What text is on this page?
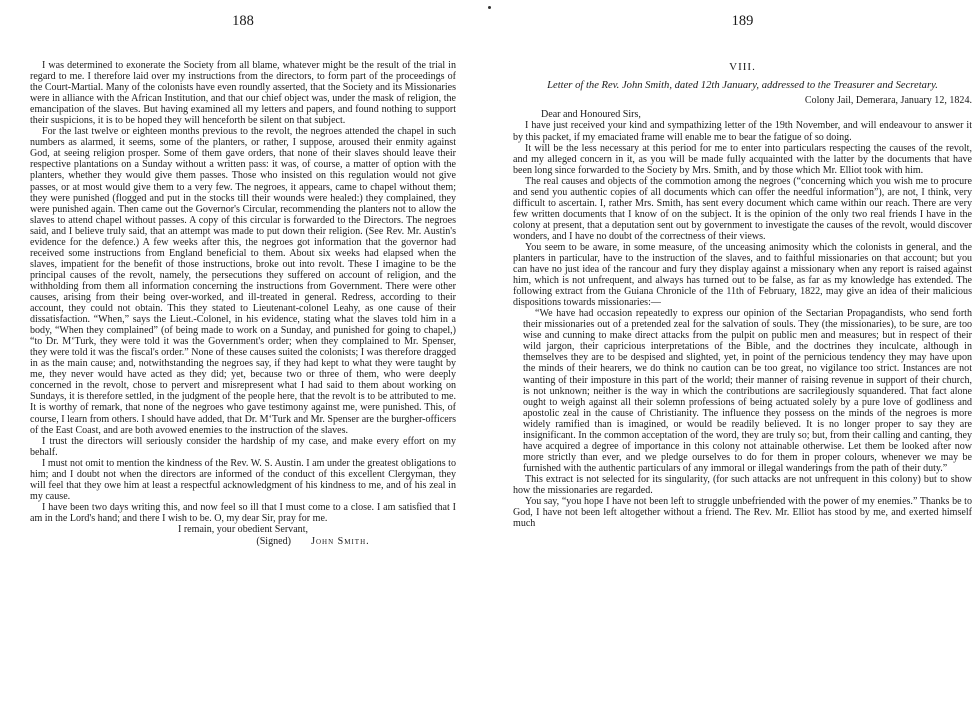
188

I was determined to exonerate the Society from all blame, whatever might be the result of the trial in regard to me. I therefore laid over my instructions from the directors, to form part of the proceedings of the Court-Martial. Many of the colonists have even roundly asserted, that the Society and its Missionaries were in alliance with the African Institution, and that our chief object was, under the mask of religion, the emancipation of the slaves. But having examined all my letters and papers, and found nothing to support their suspicions, it is to be hoped they will henceforth be silent on that subject.

For the last twelve or eighteen months previous to the revolt, the negroes attended the chapel in such numbers as alarmed, it seems, some of the planters, or rather, I suppose, aroused their enmity against God, at seeing religion prosper. Some of them gave orders, that none of their slaves should leave their respective plantations on a Sunday without a written pass: it was, of course, a matter of option with the planters, whether they would give them passes. Those who insisted on this regulation would not give passes, or at most would give them to a very few. The negroes, it appears, came to chapel without them; they were punished (flogged and put in the stocks till their wounds were healed:) they complained, they were punished again. Then came out the Governor's Circular, recommending the planters not to allow the slaves to attend chapel without passes. A copy of this circular is forwarded to the Directors. The negroes said, and I believe truly said, that an attempt was made to put down their religion. (See Rev. Mr. Austin's evidence for the defence.) A few weeks after this, the negroes got information that the governor had received some instructions from England beneficial to them. About six weeks had elapsed when the slaves, impatient for the benefit of those instructions, broke out into revolt. These I imagine to be the principal causes of the revolt, namely, the persecutions they suffered on account of religion, and the withholding from them all information concerning the instructions from Government. There were other causes, arising from their being over-worked, and ill-treated in general. Redress, according to their account, they could not obtain. This they stated to Lieutenant-colonel Leahy, as one cause of their dissatisfaction. “When,” says the Lieut.-Colonel, in his evidence, stating what the slaves told him in a body, “When they complained” (of being made to work on a Sunday, and punished for going to chapel,) “to Dr. M‘Turk, they were told it was the Government's order; when they complained to Mr. Spenser, they were told it was the fiscal's order.” None of these causes suited the colonists; I was therefore dragged in as the main cause; and, notwithstanding the negroes say, if they had kept to what they were taught by me, they never would have acted as they did; yet, because two or three of them, who were deeply concerned in the revolt, chose to pervert and misrepresent what I had said to them about working on Sundays, it is therefore settled, in the judgment of the people here, that the revolt is to be attributed to me. It is worthy of remark, that none of the negroes who gave testimony against me, were punished. This, of course, I learn from others. I should have added, that Dr. M‘Turk and Mr. Spenser are the burgher-officers of the East Coast, and are both avowed enemies to the instruction of the slaves.

I trust the directors will seriously consider the hardship of my case, and make every effort on my behalf.

I must not omit to mention the kindness of the Rev. W. S. Austin. I am under the greatest obligations to him; and I doubt not when the directors are informed of the conduct of this excellent Clergyman, they will feel that they owe him at least a respectful acknowledgment of his kindness to me, and of his zeal in my cause.

I have been two days writing this, and now feel so ill that I must come to a close. I am satisfied that I am in the Lord's hand; and there I wish to be. O, my dear Sir, pray for me.

I remain, your obedient Servant,

(Signed) John Smith.

189
VIII.

Letter of the Rev. John Smith, dated 12th January, addressed to the Treasurer and Secretary.

Colony Jail, Demerara, January 12, 1824.

Dear and Honoured Sirs,

I have just received your kind and sympathizing letter of the 19th November, and will endeavour to answer it by this packet, if my emaciated frame will enable me to bear the fatigue of so doing.

It will be the less necessary at this period for me to enter into particulars respecting the causes of the revolt, and my alleged concern in it, as you will be made fully acquainted with the latter by the documents that have been long since forwarded to the Society by Mrs. Smith, and by those which Mr. Elliot took with him.

The real causes and objects of the commotion among the negroes (“concerning which you wish me to procure and send you authentic copies of all documents which can offer the needful information”), are not, I think, very difficult to ascertain. I, rather Mrs. Smith, has sent every document which came within our reach. There are very few written documents that I know of on the subject. It is the opinion of the only two real friends I have in the colony at present, that a deputation sent out by government to investigate the causes of the revolt, would discover wonders, and I have no doubt of the correctness of their views.

You seem to be aware, in some measure, of the unceasing animosity which the colonists in general, and the planters in particular, have to the instruction of the slaves, and to faithful missionaries on that account; but you can have no just idea of the rancour and fury they display against a missionary when any report is raised against him, which is not unfrequent, and always has turned out to be false, as far as my knowledge has extended. The following extract from the Guiana Chronicle of the 11th of February, 1822, may give an idea of their malicious dispositions towards missionaries:—

“We have had occasion repeatedly to express our opinion of the Sectarian Propagandists, who send forth their missionaries out of a pretended zeal for the salvation of souls. They (the missionaries), to be sure, are too wise and cunning to make direct attacks from the pulpit on public men and measures; but in respect of their wild jargon, their capricious interpretations of the Bible, and the doctrines they inculcate, although in themselves they are to be despised and slighted, yet, in point of the pernicious tendency they may have upon the minds of their hearers, we do think no caution can be too great, no vigilance too strict. Instances are not wanting of their imposture in this part of the world; their manner of raising revenue in support of their church, is not unknown; neither is the way in which the contributions are sacrilegiously squandered. That fact alone ought to weigh against all their solemn professions of being actuated solely by a pure love of godliness and apostolic zeal in the cause of Christianity. The influence they possess on the minds of the negroes is more widely ramified than is imagined, or would be readily believed. It is no longer proper to say they are insignificant. In the common acceptation of the word, they are truly so; but, from their calling and canting, they have acquired a degree of importance in this colony not attainable otherwise. Let them be looked after now more strictly than ever, and we pledge ourselves to do for them in proper colours, whenever we may be furnished with the authentic particulars of any immoral or illegal wanderings from the path of their duty.”

This extract is not selected for its singularity, (for such attacks are not unfrequent in this colony) but to show how the missionaries are regarded.

You say, “you hope I have not been left to struggle unbefriended with the power of my enemies.” Thanks be to God, I have not been left altogether without a friend. The Rev. Mr. Elliot has stood by me, and exerted himself much
